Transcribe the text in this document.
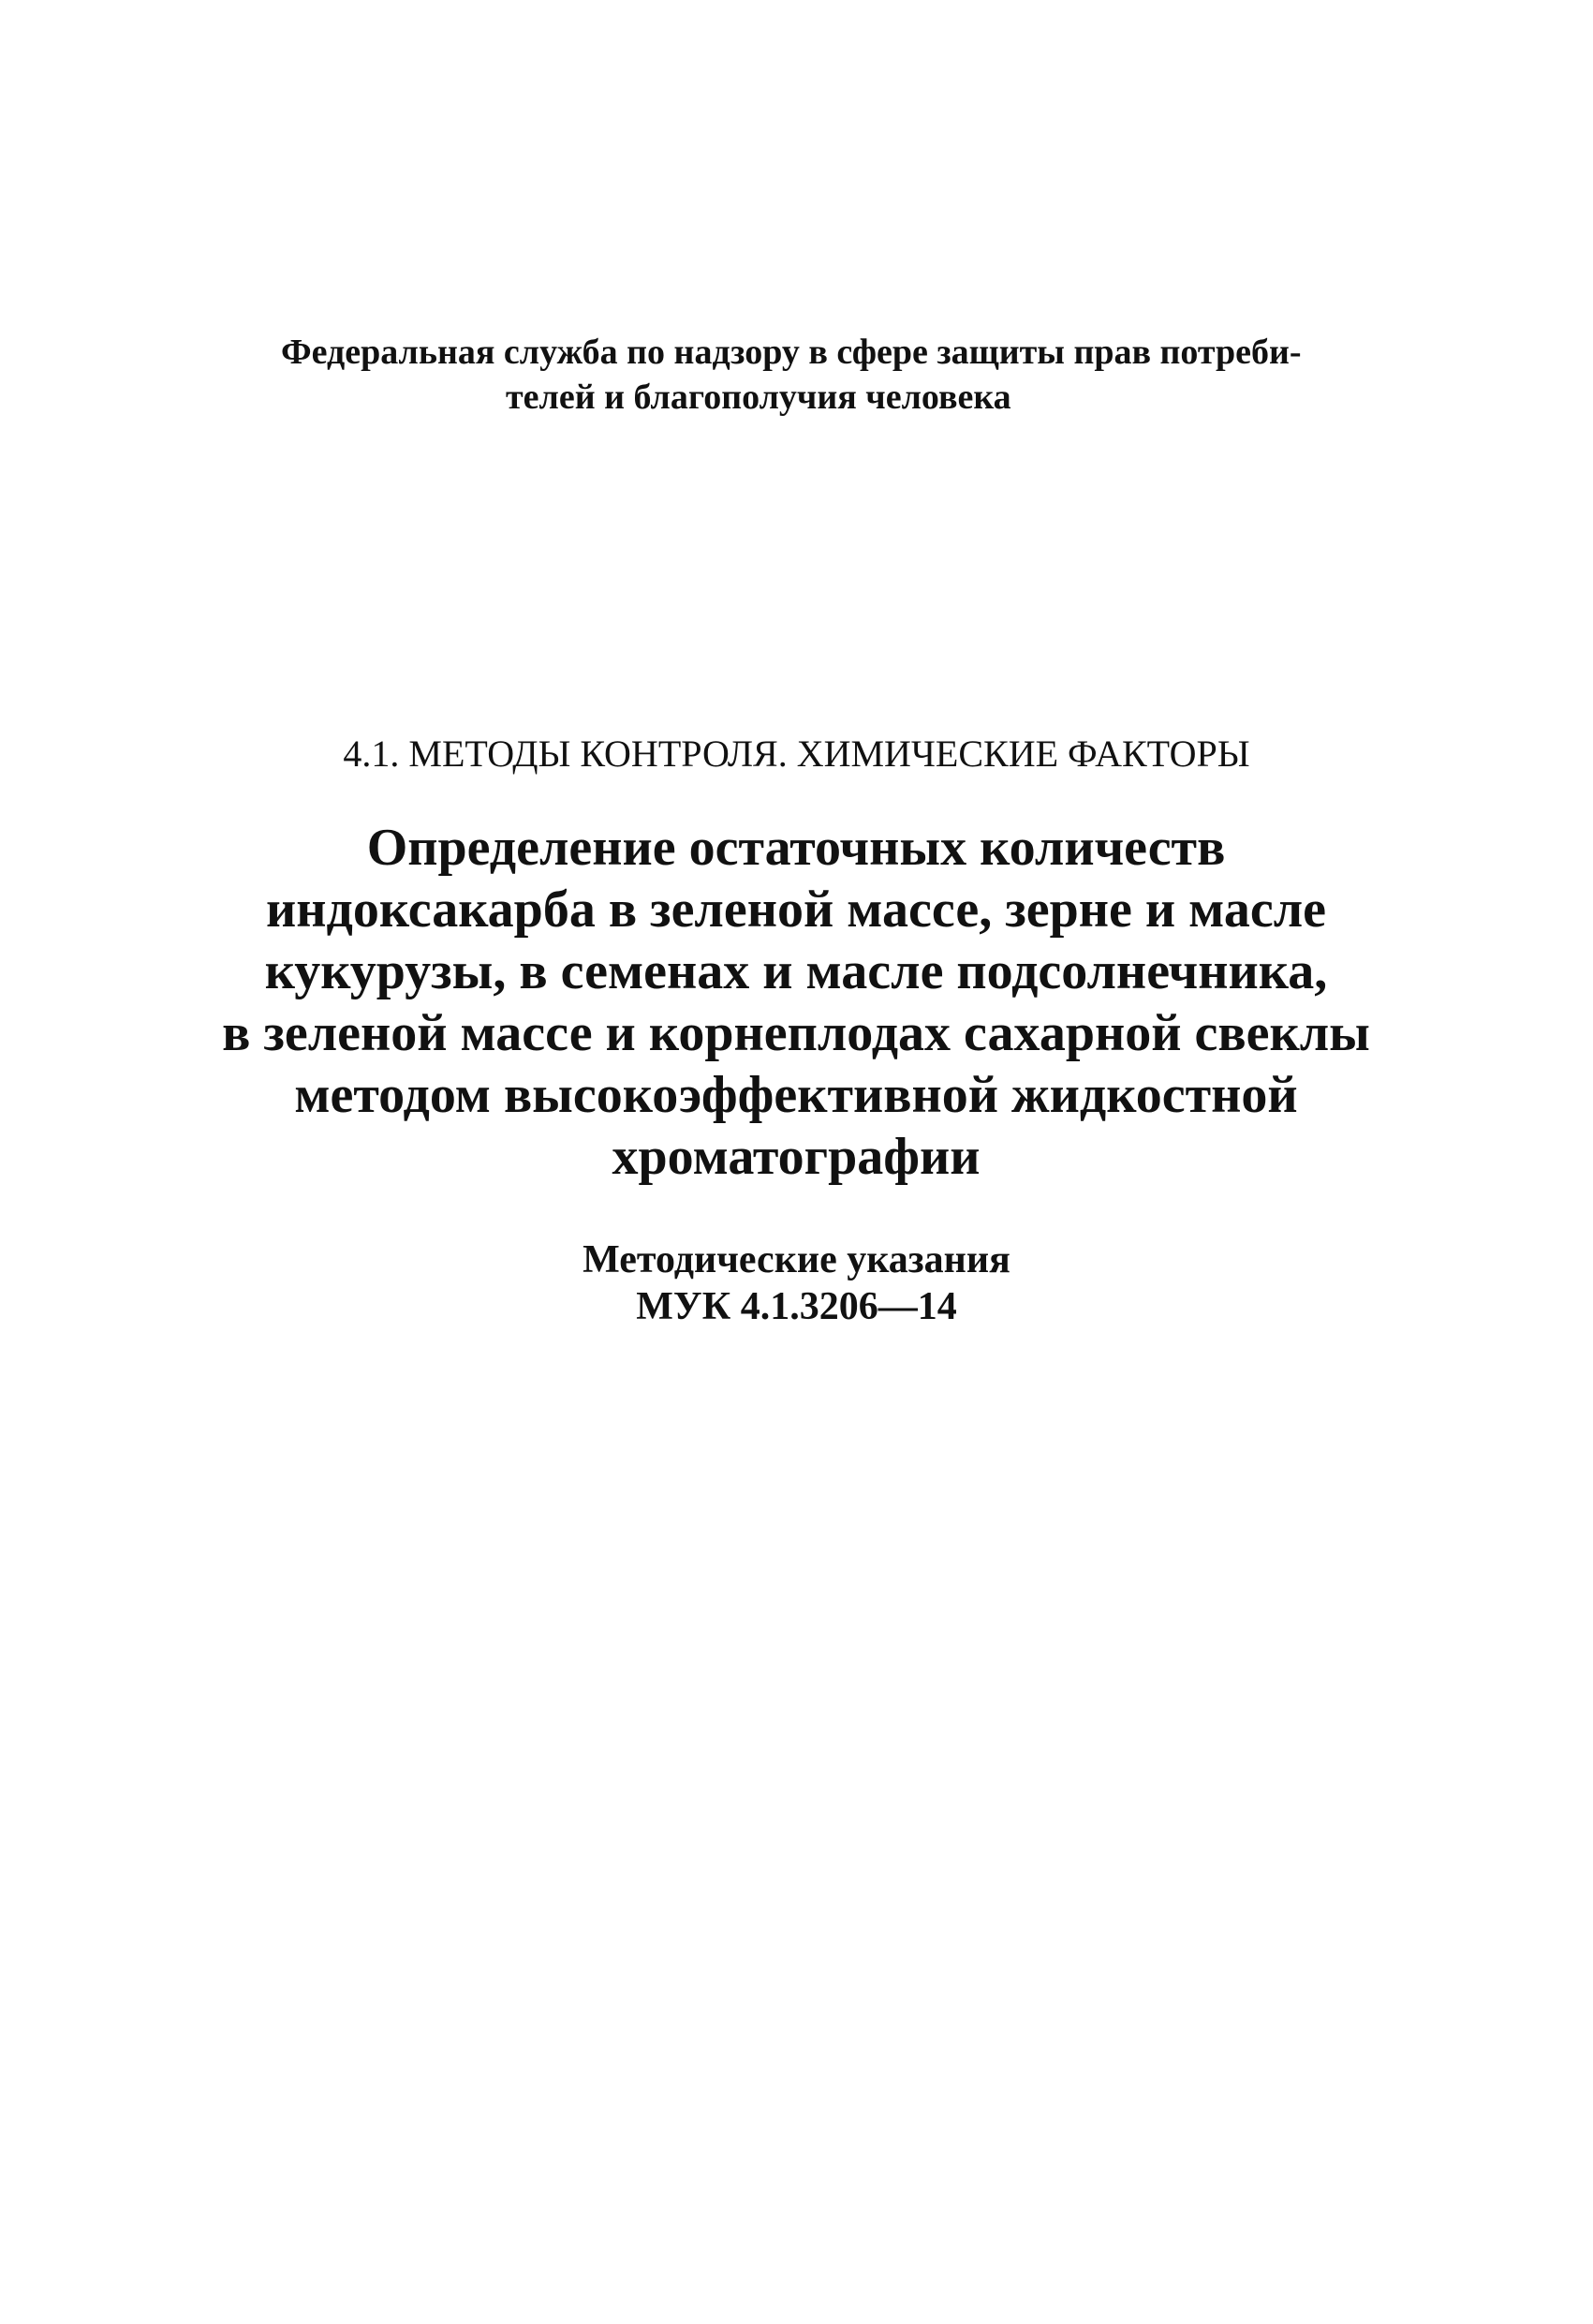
Федеральная служба по надзору в сфере защиты прав потреби-
телей и благополучия человека
4.1. МЕТОДЫ КОНТРОЛЯ. ХИМИЧЕСКИЕ ФАКТОРЫ
Определение остаточных количеств
индоксакарба в зеленой массе, зерне и масле
кукурузы, в семенах и масле подсолнечника,
в зеленой массе и корнеплодах сахарной свеклы
методом высокоэффективной жидкостной
хроматографии
Методические указания
МУК 4.1.3206—14
